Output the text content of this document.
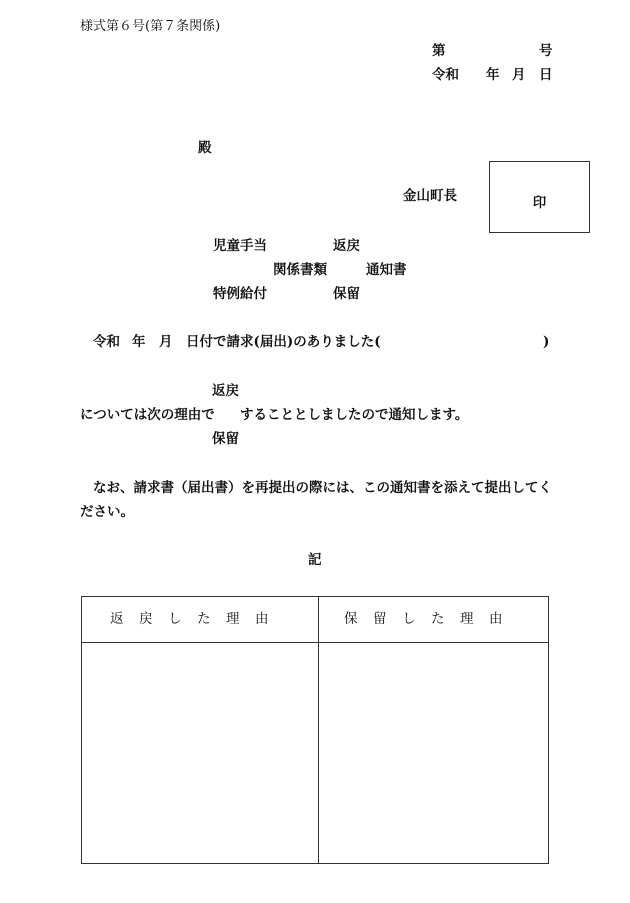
様式第６号(第７条関係)
第	号
令和 年 月 日
殿
金山町長	印
児童手当	返戻
関係書類	通知書
特例給付	保留
令和 年 月 日付で請求(届出)のありました(	)
返戻
については次の理由で することとしましたので通知します。
保留
なお、請求書（届出書）を再提出の際には、この通知書を添えて提出してく
ださい。
記
返　戻　し　た　理　由	保　留　し　た　理　由
